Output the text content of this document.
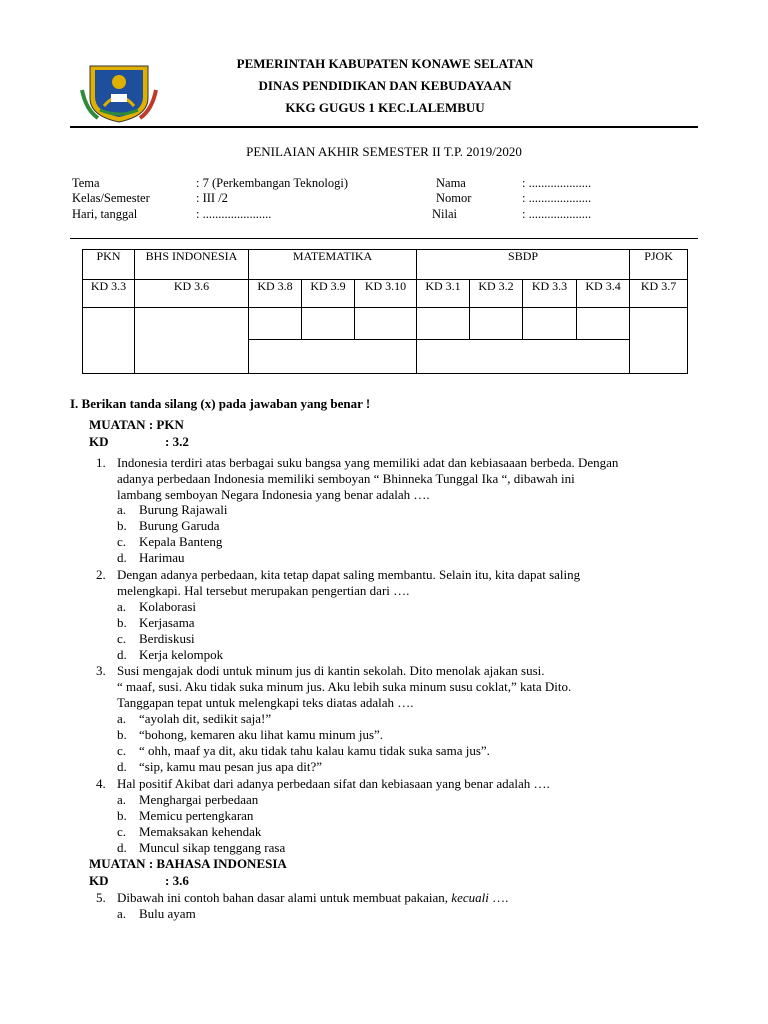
PEMERINTAH KABUPATEN KONAWE SELATAN
DINAS PENDIDIKAN DAN KEBUDAYAAN
KKG GUGUS 1 KEC.LALEMBUU
PENILAIAN AKHIR SEMESTER II T.P. 2019/2020
Tema	: 7 (Perkembangan Teknologi)
Kelas/Semester	: III /2
Hari, tanggal	: ......................
Nama	: ....................
Nomor	: ....................
Nilai	: ....................
PKN	BHS INDONESIA	MATEMATIKA			SBDP				PJOK
KD 3.3	KD 3.6	KD 3.8	KD 3.9	KD 3.10	KD 3.1	KD 3.2	KD 3.3	KD 3.4	KD 3.7

I. Berikan tanda silang (x) pada jawaban yang benar !
MUATAN : PKN
KD	: 3.2
1. Indonesia terdiri atas berbagai suku bangsa yang memiliki adat dan kebiasaaan berbeda. Dengan
adanya perbedaan Indonesia memiliki semboyan “ Bhinneka Tunggal Ika “, dibawah ini
lambang semboyan Negara Indonesia yang benar adalah ….
a. Burung Rajawali
b. Burung Garuda
c. Kepala Banteng
d. Harimau
2. Dengan adanya perbedaan, kita tetap dapat saling membantu. Selain itu, kita dapat saling
melengkapi. Hal tersebut merupakan pengertian dari ….
a. Kolaborasi
b. Kerjasama
c. Berdiskusi
d. Kerja kelompok
3. Susi mengajak dodi untuk minum jus di kantin sekolah. Dito menolak ajakan susi.
“ maaf, susi. Aku tidak suka minum jus. Aku lebih suka minum susu coklat,” kata Dito.
Tanggapan tepat untuk melengkapi teks diatas adalah ….
a. “ayolah dit, sedikit saja!”
b. “bohong, kemaren aku lihat kamu minum jus”.
c. “ ohh, maaf ya dit, aku tidak tahu kalau kamu tidak suka sama jus”.
d. “sip, kamu mau pesan jus apa dit?”
4. Hal positif Akibat dari adanya perbedaan sifat dan kebiasaan yang benar adalah ….
a. Menghargai perbedaan
b. Memicu pertengkaran
c. Memaksakan kehendak
d. Muncul sikap tenggang rasa
MUATAN : BAHASA INDONESIA
KD	: 3.6
5. Dibawah ini contoh bahan dasar alami untuk membuat pakaian, kecuali ….
a. Bulu ayam
